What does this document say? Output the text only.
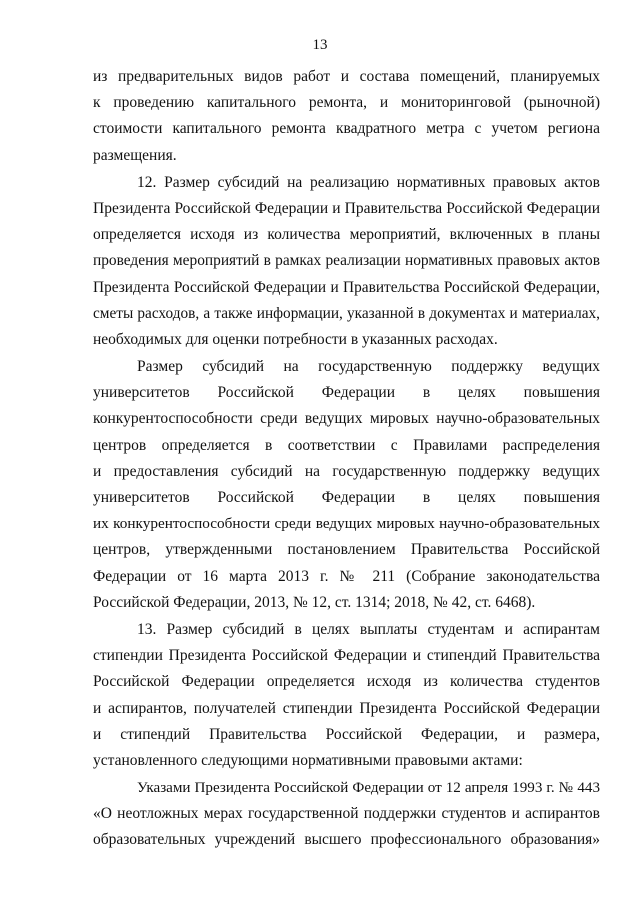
13
из предварительных видов работ и состава помещений, планируемых
к проведению капитального ремонта, и мониторинговой (рыночной)
стоимости капитального ремонта квадратного метра с учетом региона
размещения.
12. Размер субсидий на реализацию нормативных правовых актов
Президента Российской Федерации и Правительства Российской Федерации
определяется исходя из количества мероприятий, включенных в планы
проведения мероприятий в рамках реализации нормативных правовых актов
Президента Российской Федерации и Правительства Российской Федерации,
сметы расходов, а также информации, указанной в документах и материалах,
необходимых для оценки потребности в указанных расходах.
Размер субсидий на государственную поддержку ведущих
университетов Российской Федерации в целях повышения
конкурентоспособности среди ведущих мировых научно-образовательных
центров определяется в соответствии с Правилами распределения
и предоставления субсидий на государственную поддержку ведущих
университетов Российской Федерации в целях повышения
их конкурентоспособности среди ведущих мировых научно-образовательных
центров, утвержденными постановлением Правительства Российской
Федерации от 16 марта 2013 г. № 211 (Собрание законодательства
Российской Федерации, 2013, № 12, ст. 1314; 2018, № 42, ст. 6468).
13. Размер субсидий в целях выплаты студентам и аспирантам
стипендии Президента Российской Федерации и стипендий Правительства
Российской Федерации определяется исходя из количества студентов
и аспирантов, получателей стипендии Президента Российской Федерации
и стипендий Правительства Российской Федерации, и размера,
установленного следующими нормативными правовыми актами:
Указами Президента Российской Федерации от 12 апреля 1993 г. № 443
«О неотложных мерах государственной поддержки студентов и аспирантов
образовательных учреждений высшего профессионального образования»
